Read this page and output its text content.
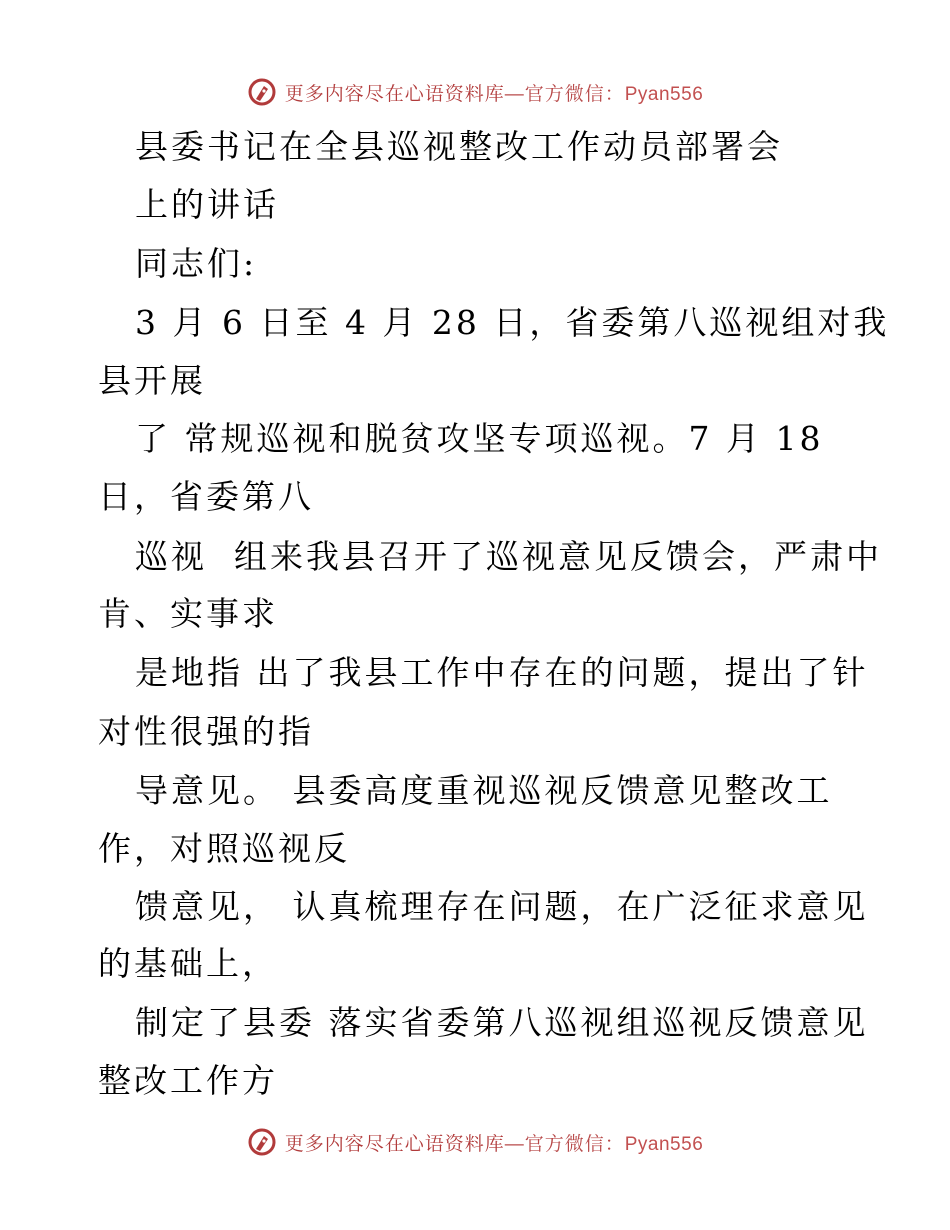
更多内容尽在心语资料库—官方微信：Pyan556
县委书记在全县巡视整改工作动员部署会
上的讲话
同志们:
3 月 6 日至 4 月 28 日，省委第八巡视组对我
县开展
了 常规巡视和脱贫攻坚专项巡视。7 月 18
日，省委第八
巡视  组来我县召开了巡视意见反馈会，严肃中
肯、实事求
是地指 出了我县工作中存在的问题，提出了针
对性很强的指
导意见。 县委高度重视巡视反馈意见整改工
作，对照巡视反
馈意见， 认真梳理存在问题，在广泛征求意见
的基础上，
制定了县委 落实省委第八巡视组巡视反馈意见
整改工作方
更多内容尽在心语资料库—官方微信：Pyan556
